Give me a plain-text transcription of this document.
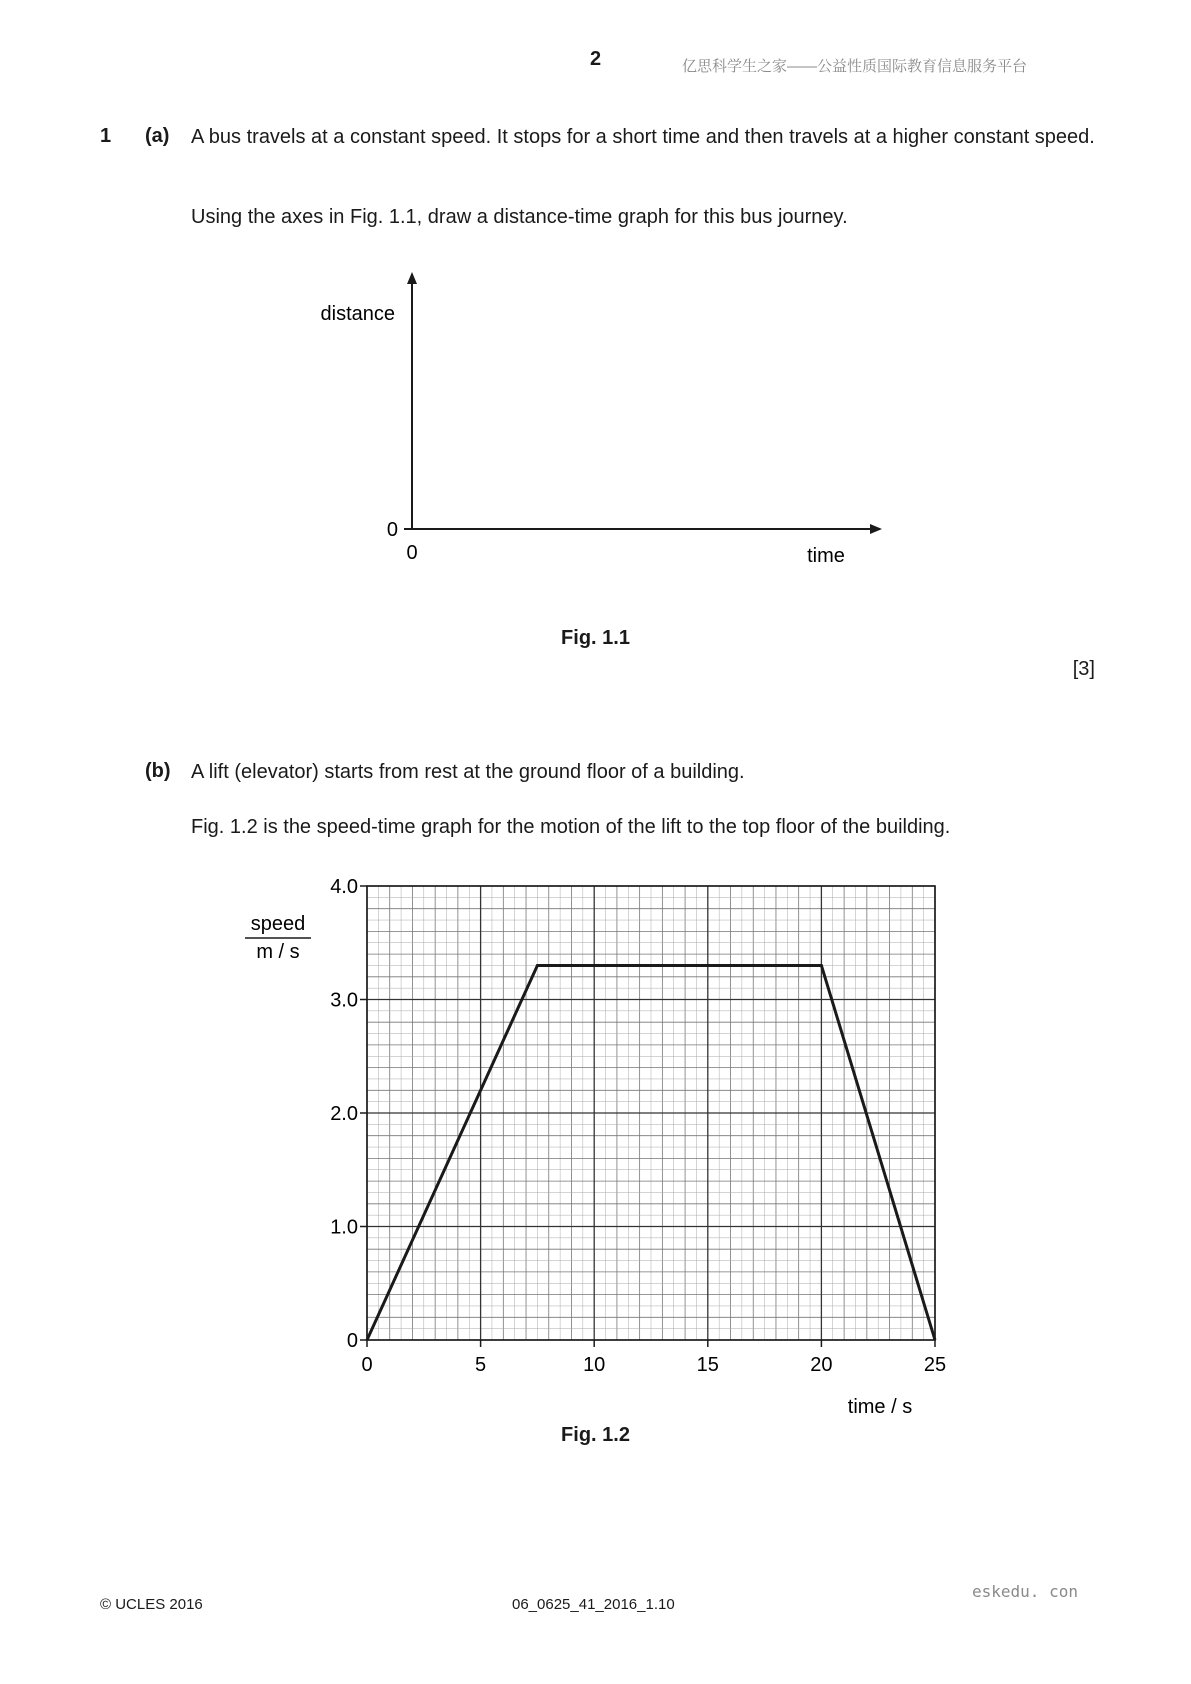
2	亿思科学生之家——公益性质国际教育信息服务平台
1 (a) A bus travels at a constant speed. It stops for a short time and then travels at a higher constant speed.
Using the axes in Fig. 1.1, draw a distance-time graph for this bus journey.
distance
0
0	time
Fig. 1.1
[3]
(b) A lift (elevator) starts from rest at the ground floor of a building.
Fig. 1.2 is the speed-time graph for the motion of the lift to the top floor of the building.
0	5	10	15	20	25
0
1.0
2.0
3.0
4.0
speed
m / s
time / s
Fig. 1.2
© UCLES 2016	06_0625_41_2016_1.10
eskedu. con
